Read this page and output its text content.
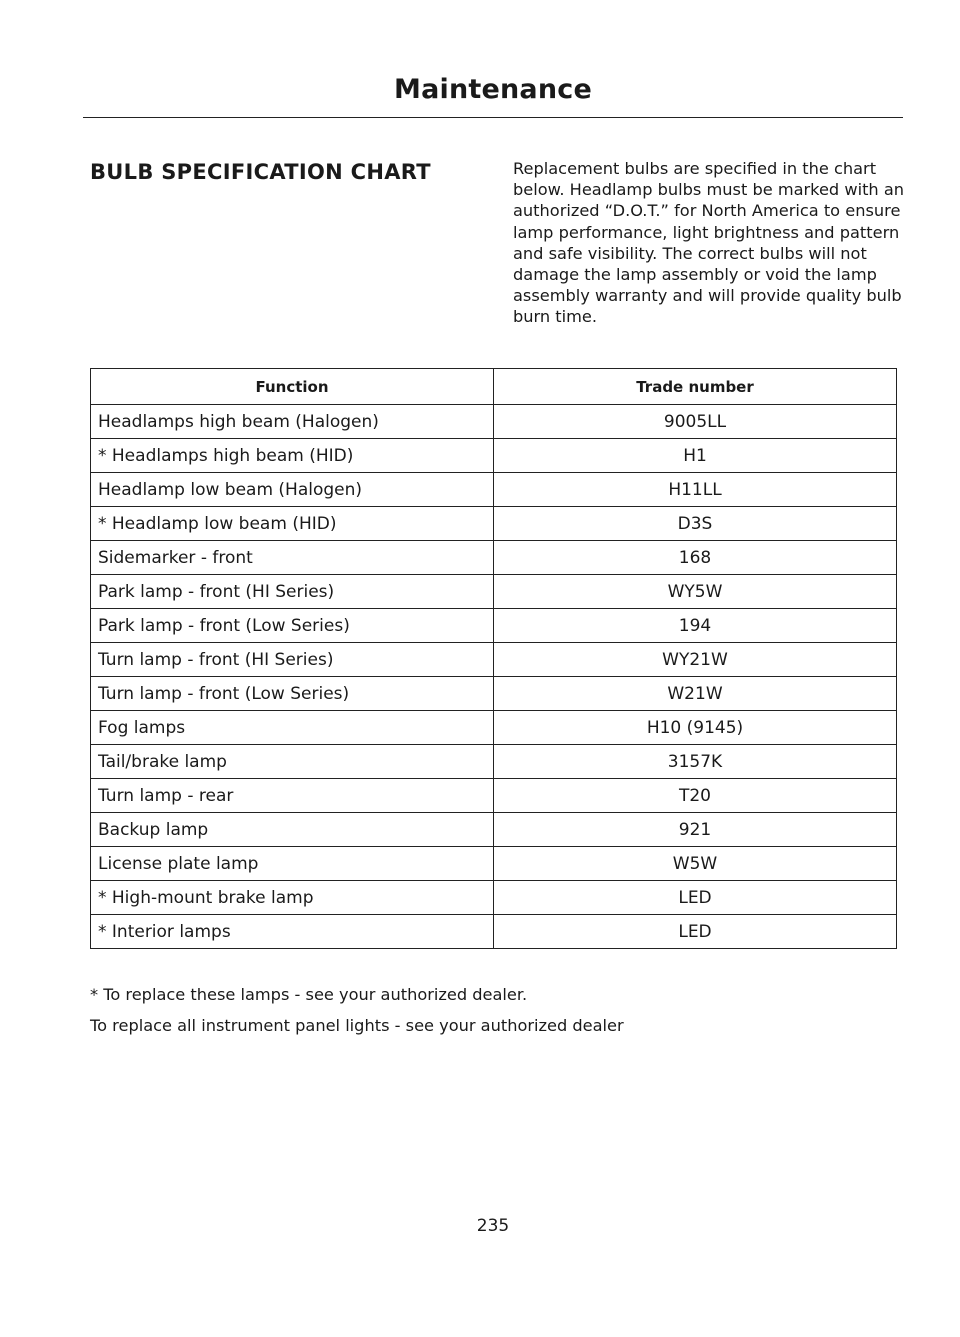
Maintenance
BULB SPECIFICATION CHART	Replacement bulbs are specified in the chart below. Headlamp bulbs must be marked with an authorized “D.O.T.” for North America to ensure lamp performance, light brightness and pattern and safe visibility. The correct bulbs will not damage the lamp assembly or void the lamp assembly warranty and will provide quality bulb burn time.

Function	Trade number
Headlamps high beam (Halogen)	9005LL
* Headlamps high beam (HID)	H1
Headlamp low beam (Halogen)	H11LL
* Headlamp low beam (HID)	D3S
Sidemarker - front	168
Park lamp - front (HI Series)	WY5W
Park lamp - front (Low Series)	194
Turn lamp - front (HI Series)	WY21W
Turn lamp - front (Low Series)	W21W
Fog lamps	H10 (9145)
Tail/brake lamp	3157K
Turn lamp - rear	T20
Backup lamp	921
License plate lamp	W5W
* High-mount brake lamp	LED
* Interior lamps	LED

* To replace these lamps - see your authorized dealer.

To replace all instrument panel lights - see your authorized dealer

235
